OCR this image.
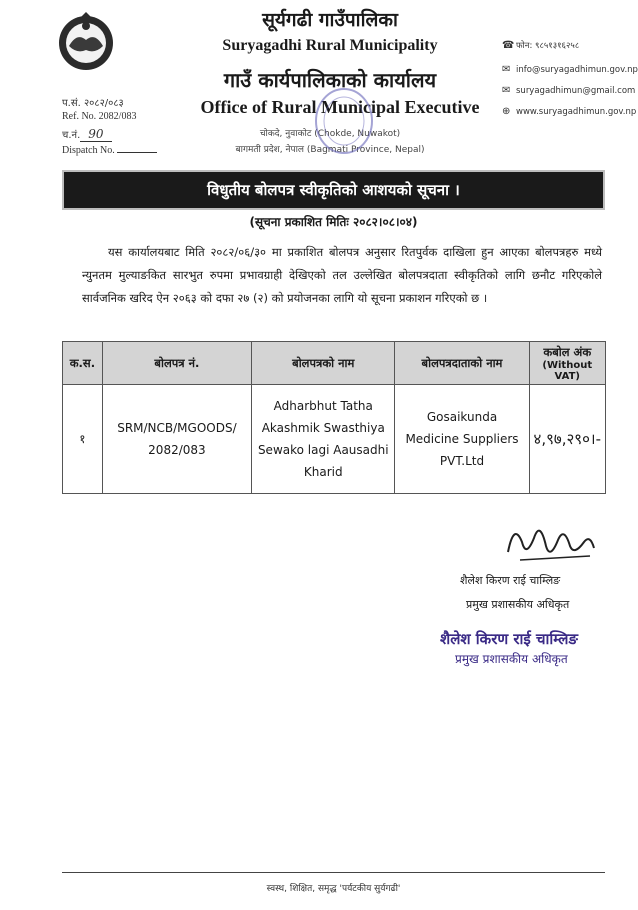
सूर्यगढी गाउँपालिका
Suryagadhi Rural Municipality
गाउँ कार्यपालिकाको कार्यालय
Office of Rural Municipal Executive
चोकदे, नुवाकोट (Chokde, Nuwakot)
बागमती प्रदेश, नेपाल (Bagmati Province, Nepal)
☎ फोन: ९८५१३१६२५८
✉ info@suryagadhimun.gov.np
✉ suryagadhimun@gmail.com
⊕ www.suryagadhimun.gov.np
प.सं. २०८२/०८३
Ref. No. 2082/083
च.नं. 90
Dispatch No.
विधुतीय बोलपत्र स्वीकृतिको आशयको सूचना ।
(सूचना प्रकाशित मितिः २०८२।०८।०४)
यस कार्यालयबाट मिति २०८२/०६/३० मा प्रकाशित बोलपत्र अनुसार रितपुर्वक दाखिला हुन आएका बोलपत्रहरु मध्ये न्युनतम मुल्याङकित सारभुत रुपमा प्रभावग्राही देखिएको तल उल्लेखित बोलपत्रदाता स्वीकृतिको लागि छनौट गरिएकोले सार्वजनिक खरिद ऐन २०६३ को दफा २७ (२) को प्रयोजनका लागि यो सूचना प्रकाशन गरिएको छ ।
क.स.	बोलपत्र नं.	बोलपत्रको नाम	बोलपत्रदाताको नाम	कबोल अंक
(Without VAT)

१	SRM/NCB/MGOODS/ 2082/083	Adharbhut Tatha Akashmik Swasthiya Sewako lagi Aausadhi Kharid	Gosaikunda Medicine Suppliers PVT.Ltd	४,९७,२९०।-
शैलेश किरण राई चाम्लिङ
प्रमुख प्रशासकीय अधिकृत
शैलेश किरण राई चाम्लिङ
प्रमुख प्रशासकीय अधिकृत
स्वस्थ, शिक्षित, समृद्ध 'पर्यटकीय सुर्यगढी'
